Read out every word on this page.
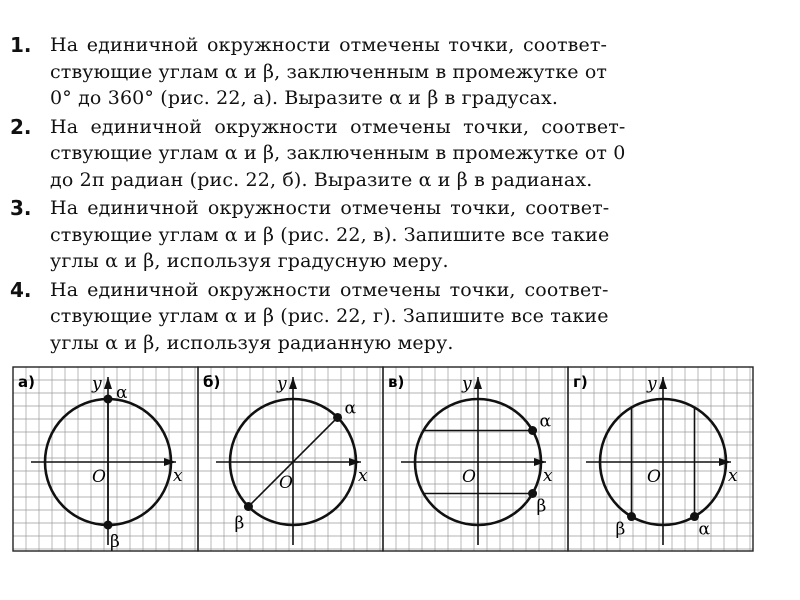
1. На единичной окружности отмечены точки, соответ-
ствующие углам α и β, заключенным в промежутке от
0° до 360° (рис. 22, а). Выразите α и β в градусах.
2. На единичной окружности отмечены точки, соответ-
ствующие углам α и β, заключенным в промежутке от 0
до 2π радиан (рис. 22, б). Выразите α и β в радианах.
3. На единичной окружности отмечены точки, соответ-
ствующие углам α и β (рис. 22, в). Запишите все такие
углы α и β, используя градусную меру.
4. На единичной окружности отмечены точки, соответ-
ствующие углам α и β (рис. 22, г). Запишите все такие
углы α и β, используя радианную меру.
α
β
а)	y
x
O
α
β
б)	y
x
O
α
β
в)	y
x
O
α
β
г)	y
x
O
